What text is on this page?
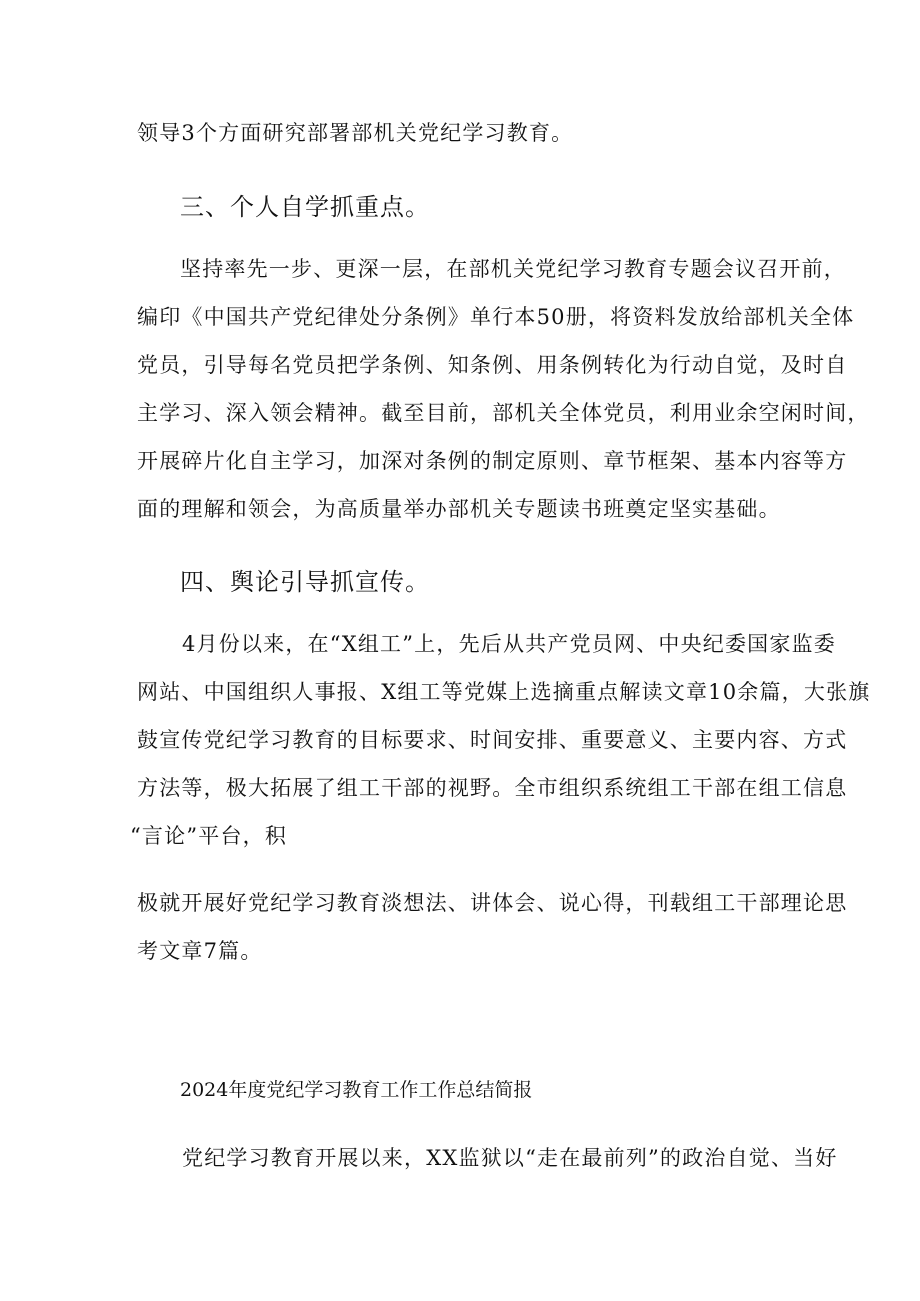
领导3个方面研究部署部机关党纪学习教育。
三、个人自学抓重点。
坚持率先一步、更深一层，在部机关党纪学习教育专题会议召开前，
编印《中国共产党纪律处分条例》单行本50册，将资料发放给部机关全体
党员，引导每名党员把学条例、知条例、用条例转化为行动自觉，及时自
主学习、深入领会精神。截至目前，部机关全体党员，利用业余空闲时间，
开展碎片化自主学习，加深对条例的制定原则、章节框架、基本内容等方
面的理解和领会，为高质量举办部机关专题读书班奠定坚实基础。
四、舆论引导抓宣传。
4月份以来，在“X组工”上，先后从共产党员网、中央纪委国家监委
网站、中国组织人事报、X组工等党媒上选摘重点解读文章10余篇，大张旗
鼓宣传党纪学习教育的目标要求、时间安排、重要意义、主要内容、方式
方法等，极大拓展了组工干部的视野。全市组织系统组工干部在组工信息
“言论”平台，积
极就开展好党纪学习教育淡想法、讲体会、说心得，刊载组工干部理论思
考文章7篇。
2024年度党纪学习教育工作工作总结简报
党纪学习教育开展以来，XX监狱以“走在最前列”的政治自觉、当好
